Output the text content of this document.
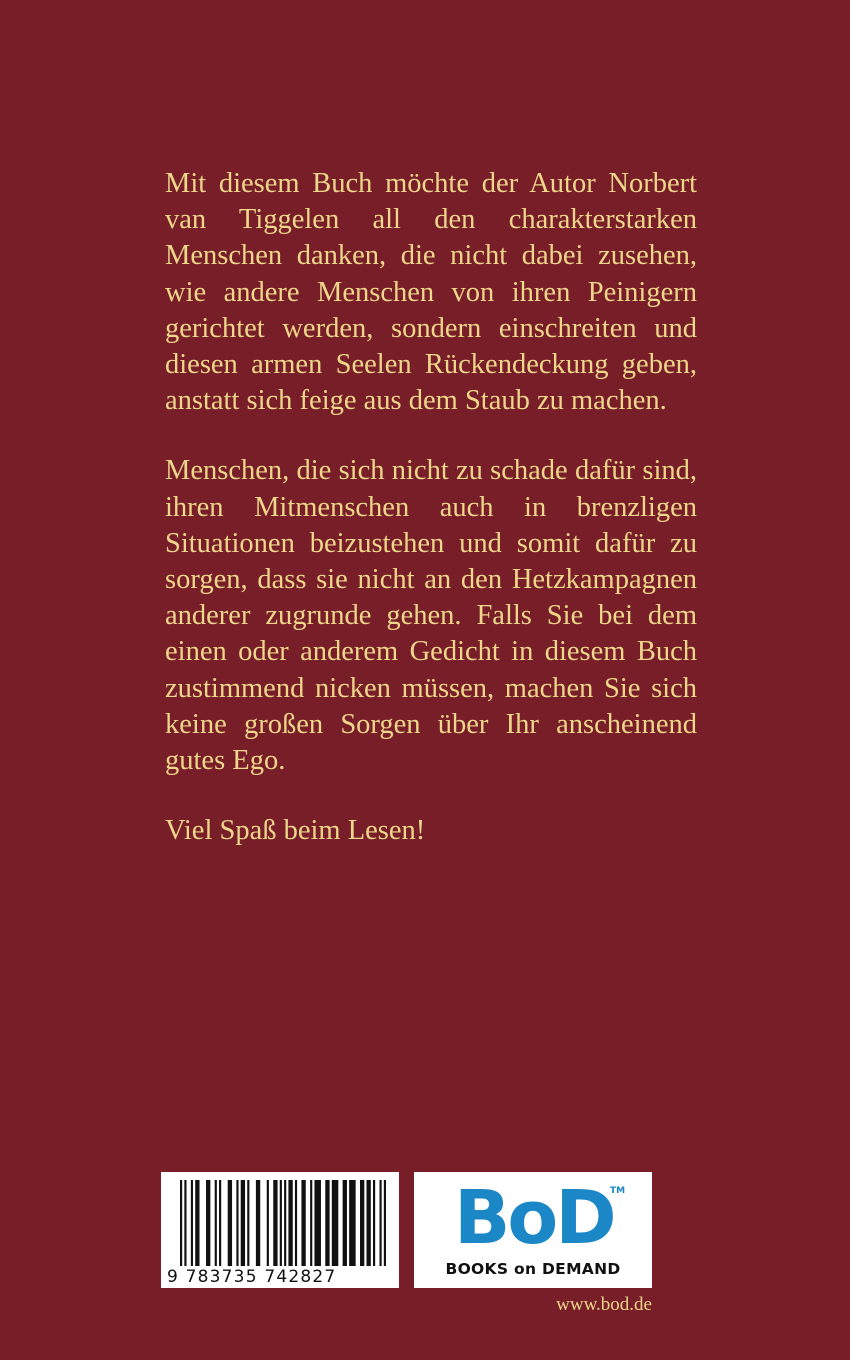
Mit diesem Buch möchte der Autor Norbert van Tiggelen all den charakterstarken Menschen danken, die nicht dabei zusehen, wie andere Menschen von ihren Peinigern gerichtet werden, sondern einschreiten und diesen armen Seelen Rückendeckung geben, anstatt sich feige aus dem Staub zu machen.

Menschen, die sich nicht zu schade dafür sind, ihren Mitmenschen auch in brenzligen Situationen beizustehen und somit dafür zu sorgen, dass sie nicht an den Hetzkampagnen anderer zugrunde gehen. Falls Sie bei dem einen oder anderem Gedicht in diesem Buch zustimmend nicken müssen, machen Sie sich keine großen Sorgen über Ihr anscheinend gutes Ego.

Viel Spaß beim Lesen!

9 783735 742827
BoD
TM
BOOKS on DEMAND
www.bod.de
